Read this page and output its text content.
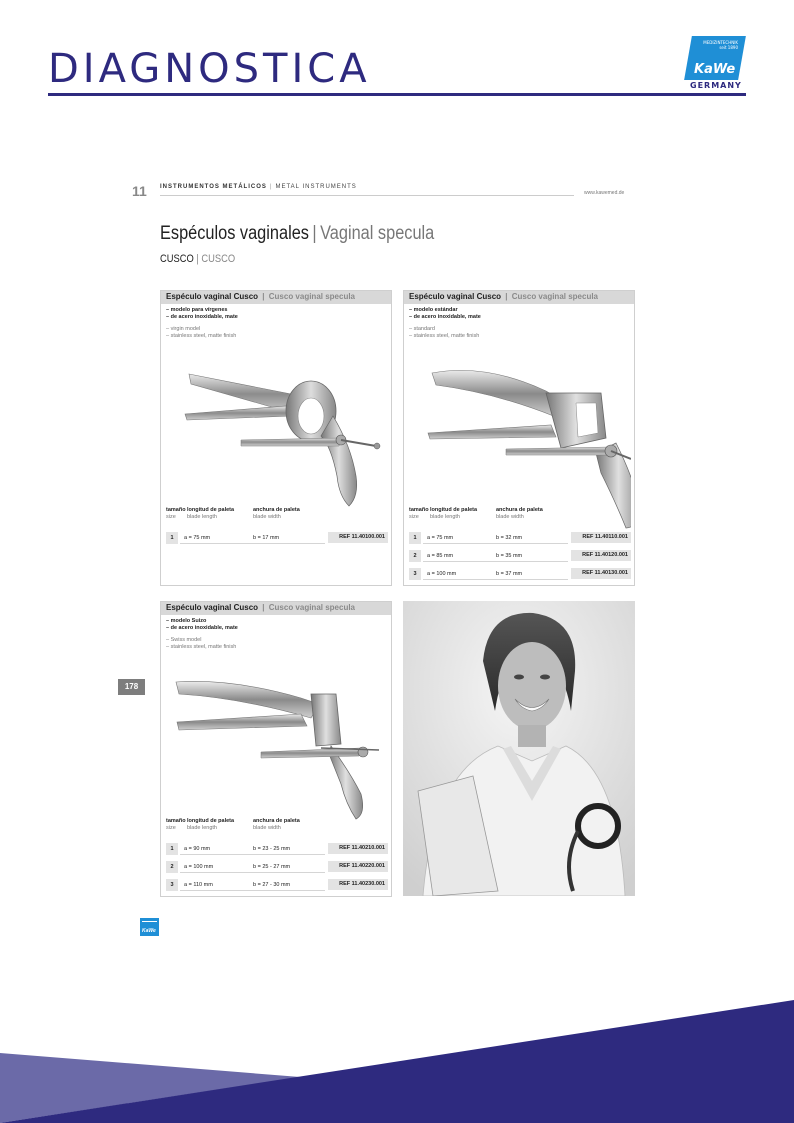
DIAGNOSTICA
MEDIZINTECHNIK
seit 1890
KaWe
GERMANY
11 INSTRUMENTOS METÁLICOS | METAL INSTRUMENTS
www.kawemed.de
Espéculos vaginales | Vaginal specula
CUSCO | CUSCO
Espéculo vaginal Cusco | Cusco vaginal specula
– modelo para vírgenes
– de acero inoxidable, mate
– virgin model
– stainless steel, matte finish
tamaño
size
longitud de paleta
blade length
anchura de paleta
blade width
1	a = 75 mm	b = 17 mm	REF 11.40100.001
Espéculo vaginal Cusco | Cusco vaginal specula
– modelo estándar
– de acero inoxidable, mate
– standard
– stainless steel, matte finish
tamaño
size
longitud de paleta
blade length
anchura de paleta
blade width
1	a = 75 mm	b = 32 mm	REF 11.40110.001
2	a = 85 mm	b = 35 mm	REF 11.40120.001
3	a = 100 mm	b = 37 mm	REF 11.40130.001
Espéculo vaginal Cusco | Cusco vaginal specula
– modelo Suizo
– de acero inoxidable, mate
– Swiss model
– stainless steel, matte finish
tamaño
size
longitud de paleta
blade length
anchura de paleta
blade width
1	a = 90 mm	b = 23 - 25 mm	REF 11.40210.001
2	a = 100 mm	b = 25 - 27 mm	REF 11.40220.001
3	a = 110 mm	b = 27 - 30 mm	REF 11.40230.001
178
KaWe
